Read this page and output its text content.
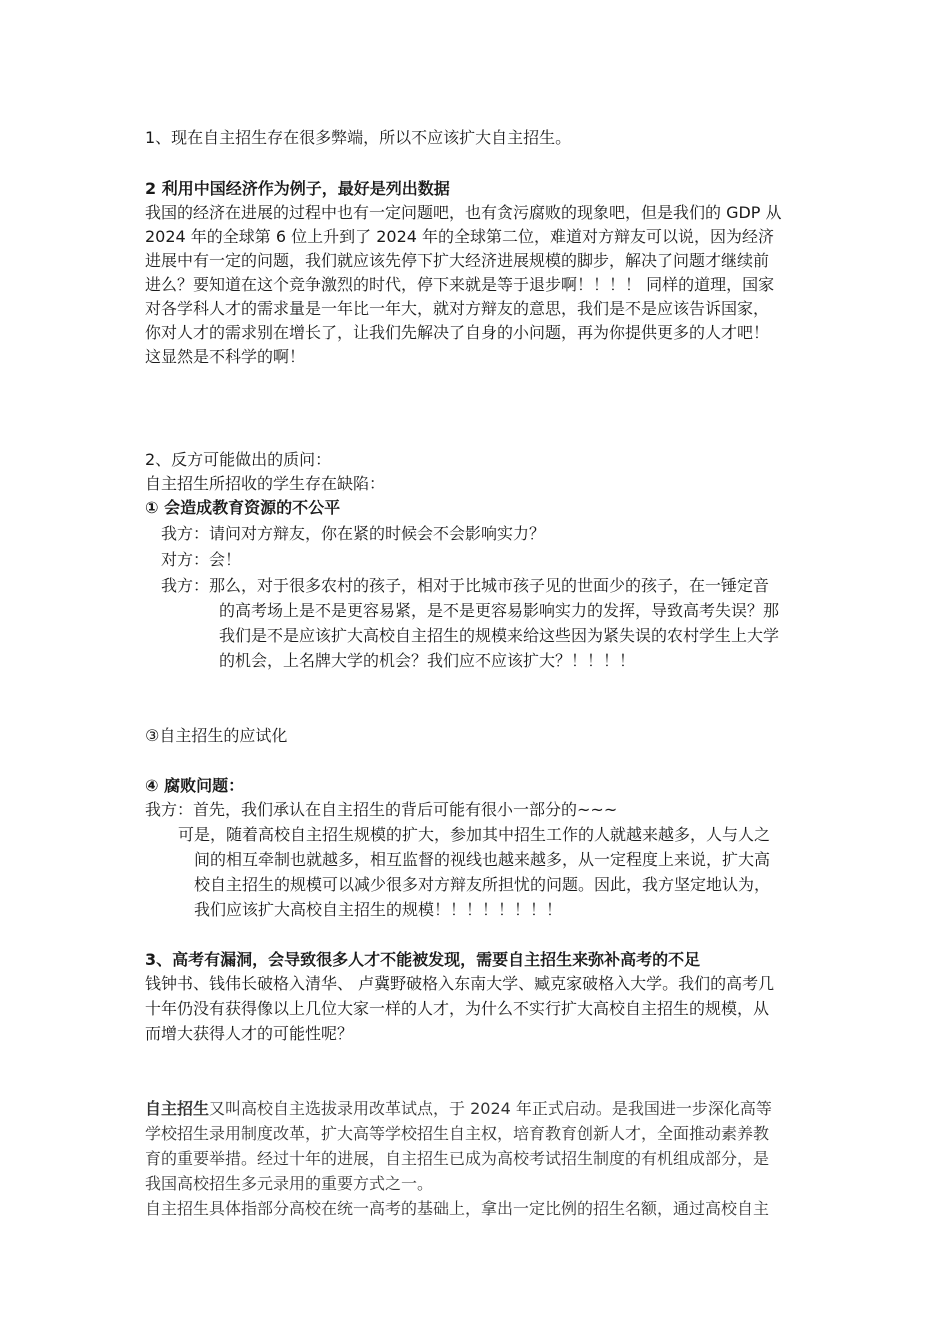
1、现在自主招生存在很多弊端，所以不应该扩大自主招生。
2 利用中国经济作为例子，最好是列出数据
我国的经济在进展的过程中也有一定问题吧，也有贪污腐败的现象吧，但是我们的 GDP 从
2024 年的全球第 6 位上升到了 2024 年的全球第二位，难道对方辩友可以说，因为经济
进展中有一定的问题，我们就应该先停下扩大经济进展规模的脚步，解决了问题才继续前
进么？要知道在这个竞争激烈的时代，停下来就是等于退步啊！！！！ 同样的道理，国家
对各学科人才的需求量是一年比一年大，就对方辩友的意思，我们是不是应该告诉国家，
你对人才的需求别在增长了，让我们先解决了自身的小问题，再为你提供更多的人才吧！
这显然是不科学的啊！
2、反方可能做出的质问：
自主招生所招收的学生存在缺陷：
① 会造成教育资源的不公平
我方：请问对方辩友，你在紧的时候会不会影响实力？
对方：会！
我方：那么，对于很多农村的孩子，相对于比城市孩子见的世面少的孩子，在一锤定音
的高考场上是不是更容易紧，是不是更容易影响实力的发挥，导致高考失误？那
我们是不是应该扩大高校自主招生的规模来给这些因为紧失误的农村学生上大学
的机会，上名牌大学的机会？我们应不应该扩大？！！！！
③自主招生的应试化
④ 腐败问题：
我方：首先，我们承认在自主招生的背后可能有很小一部分的~~~
可是，随着高校自主招生规模的扩大，参加其中招生工作的人就越来越多，人与人之
间的相互牵制也就越多，相互监督的视线也越来越多，从一定程度上来说，扩大高
校自主招生的规模可以减少很多对方辩友所担忧的问题。因此，我方坚定地认为，
我们应该扩大高校自主招生的规模！！！！！！！！
3、高考有漏洞，会导致很多人才不能被发现，需要自主招生来弥补高考的不足
钱钟书、钱伟长破格入清华、 卢冀野破格入东南大学、臧克家破格入大学。我们的高考几
十年仍没有获得像以上几位大家一样的人才，为什么不实行扩大高校自主招生的规模，从
而增大获得人才的可能性呢？
自主招生又叫高校自主选拔录用改革试点，于 2024 年正式启动。是我国进一步深化高等
学校招生录用制度改革，扩大高等学校招生自主权，培育教育创新人才，全面推动素养教
育的重要举措。经过十年的进展，自主招生已成为高校考试招生制度的有机组成部分，是
我国高校招生多元录用的重要方式之一。
自主招生具体指部分高校在统一高考的基础上，拿出一定比例的招生名额，通过高校自主
